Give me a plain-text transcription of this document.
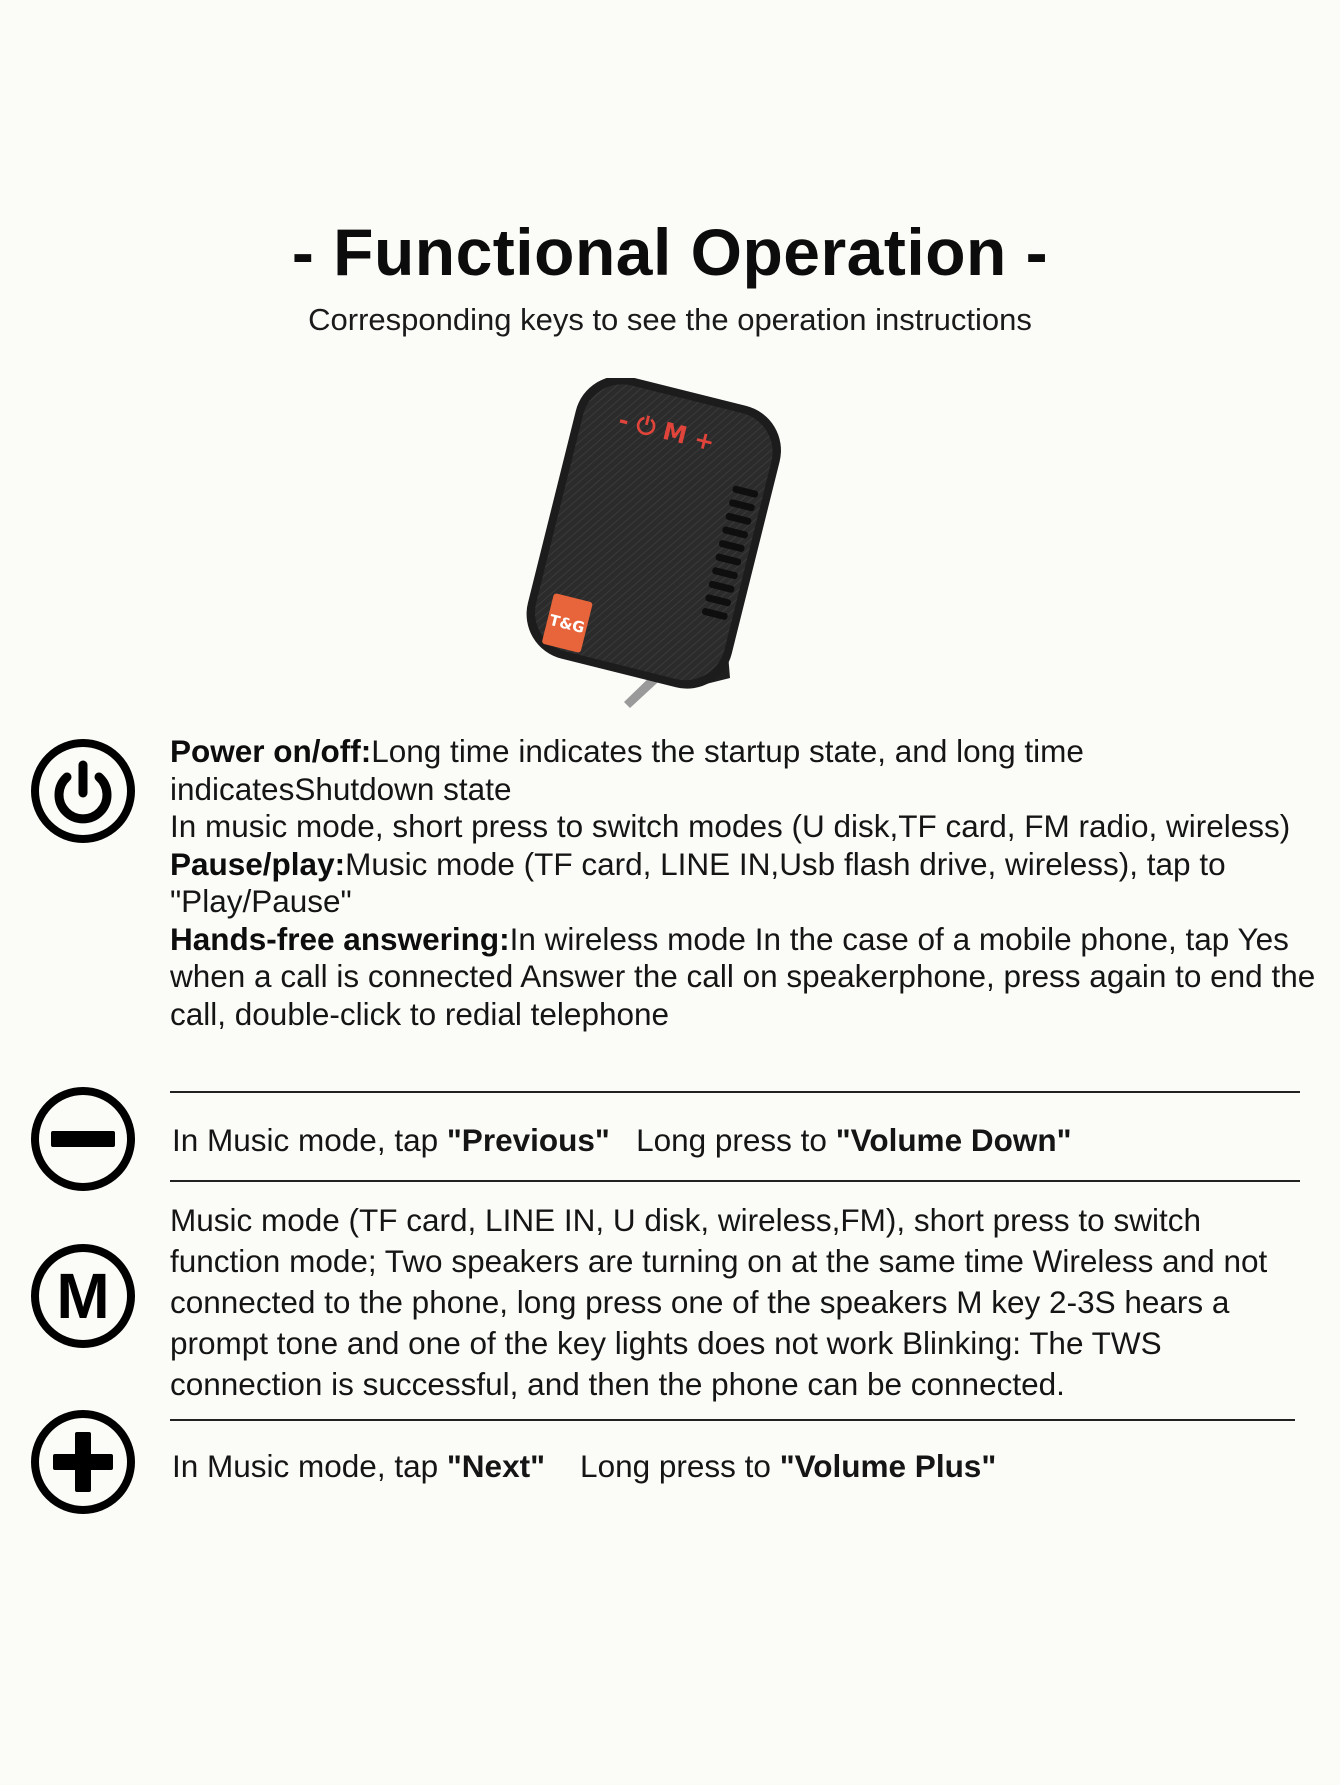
- Functional Operation -
Corresponding keys to see the operation instructions
- ⏻ M +
T&G

Power on/off:Long time indicates the startup state, and long time indicatesShutdown state

In music mode, short press to switch modes (U disk,TF card, FM radio, wireless)

Pause/play:Music mode (TF card, LINE IN,Usb flash drive, wireless), tap to "Play/Pause"

Hands-free answering:In wireless mode In the case of a mobile phone, tap Yes when a call is connected Answer the call on speakerphone, press again to end the call, double-click to redial telephone

In Music mode, tap "Previous" Long press to "Volume Down"
M

Music mode (TF card, LINE IN, U disk, wireless,FM), short press to switch function mode; Two speakers are turning on at the same time Wireless and not connected to the phone, long press one of the speakers M key 2-3S hears a prompt tone and one of the key lights does not work Blinking: The TWS connection is successful, and then the phone can be connected.

In Music mode, tap "Next" Long press to "Volume Plus"
